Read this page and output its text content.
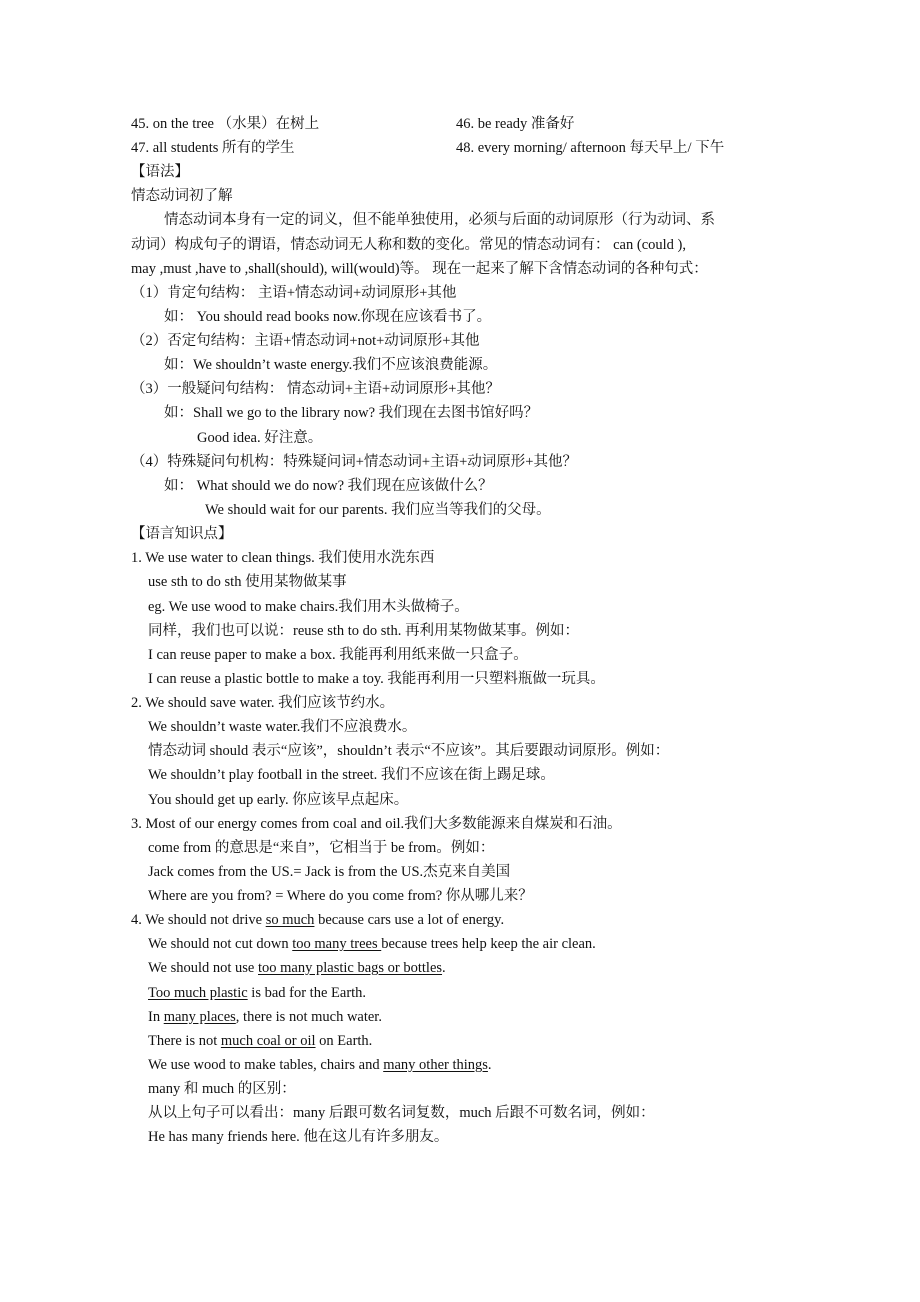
45. on the tree （水果）在树上	46. be ready 准备好
47. all students 所有的学生	48. every morning/ afternoon 每天早上/ 下午
【语法】
情态动词初了解
情态动词本身有一定的词义，但不能单独使用，必须与后面的动词原形（行为动词、系
动词）构成句子的谓语，情态动词无人称和数的变化。常见的情态动词有： can (could ),
may ,must ,have to ,shall(should), will(would)等。 现在一起来了解下含情态动词的各种句式：
（1）肯定句结构： 主语+情态动词+动词原形+其他
如： You should read books now.你现在应该看书了。
（2）否定句结构：主语+情态动词+not+动词原形+其他
如：We shouldn’t waste energy.我们不应该浪费能源。
（3）一般疑问句结构： 情态动词+主语+动词原形+其他？
如：Shall we go to the library now? 我们现在去图书馆好吗？
Good idea. 好注意。
（4）特殊疑问句机构：特殊疑问词+情态动词+主语+动词原形+其他？
如： What should we do now? 我们现在应该做什么？
We should wait for our parents. 我们应当等我们的父母。
【语言知识点】
1. We use water to clean things. 我们使用水洗东西
use sth to do sth 使用某物做某事
eg. We use wood to make chairs.我们用木头做椅子。
同样，我们也可以说：reuse sth to do sth. 再利用某物做某事。例如：
I can reuse paper to make a box. 我能再利用纸来做一只盒子。
I can reuse a plastic bottle to make a toy. 我能再利用一只塑料瓶做一玩具。
2. We should save water. 我们应该节约水。
We shouldn’t waste water.我们不应浪费水。
情态动词 should 表示“应该”，shouldn’t 表示“不应该”。其后要跟动词原形。例如：
We shouldn’t play football in the street. 我们不应该在街上踢足球。
You should get up early. 你应该早点起床。
3. Most of our energy comes from coal and oil.我们大多数能源来自煤炭和石油。
come from 的意思是“来自”，它相当于 be from。例如：
Jack comes from the US.= Jack is from the US.杰克来自美国
Where are you from? = Where do you come from? 你从哪儿来？
4. We should not drive so much because cars use a lot of energy.
We should not cut down too many trees because trees help keep the air clean.
We should not use too many plastic bags or bottles.
Too much plastic is bad for the Earth.
In many places, there is not much water.
There is not much coal or oil on Earth.
We use wood to make tables, chairs and many other things.
many 和 much 的区别：
从以上句子可以看出：many 后跟可数名词复数，much 后跟不可数名词，例如：
He has many friends here. 他在这儿有许多朋友。
